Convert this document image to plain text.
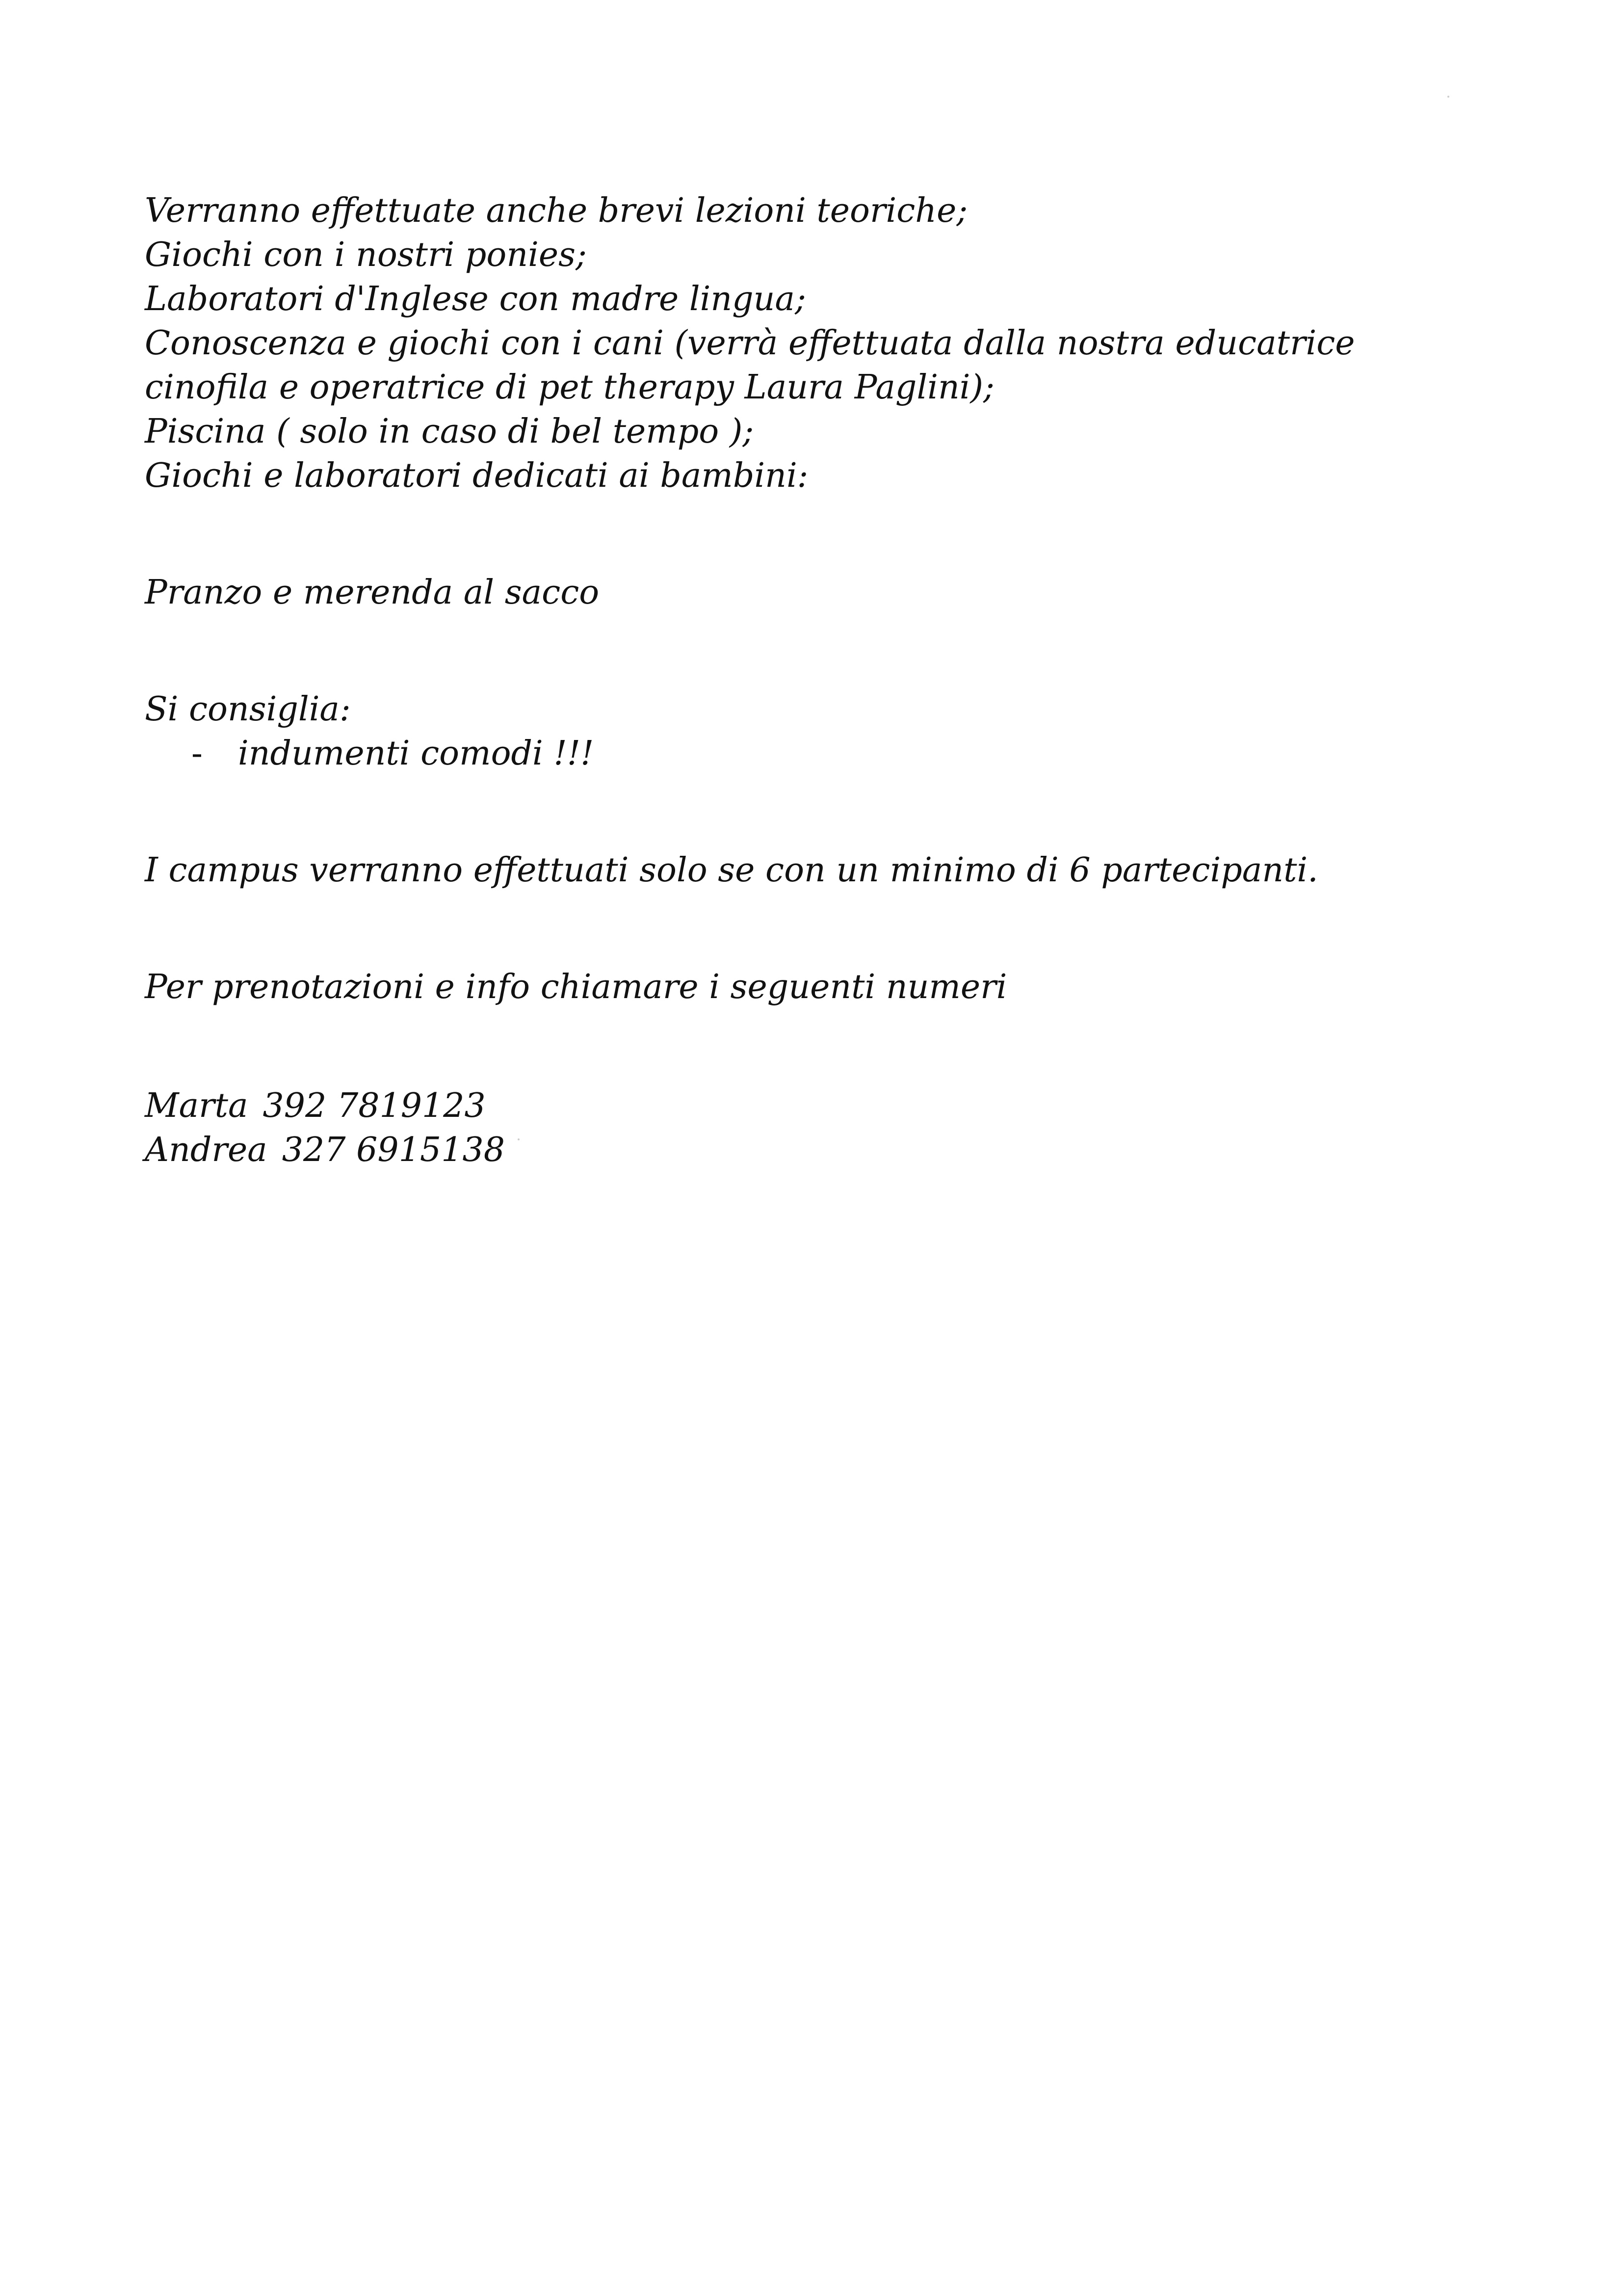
Verranno effettuate anche brevi lezioni teoriche;
Giochi con i nostri ponies;
Laboratori d'Inglese con madre lingua;
Conoscenza e giochi con i cani (verrà effettuata dalla nostra educatrice
cinofila e operatrice di pet therapy Laura Paglini);
Piscina ( solo in caso di bel tempo );
Giochi e laboratori dedicati ai bambini:
Pranzo e merenda al sacco
Si consiglia:
- indumenti comodi !!!
I campus verranno effettuati solo se con un minimo di 6 partecipanti.
Per prenotazioni e info chiamare i seguenti numeri
Marta 392 7819123
Andrea 327 6915138
